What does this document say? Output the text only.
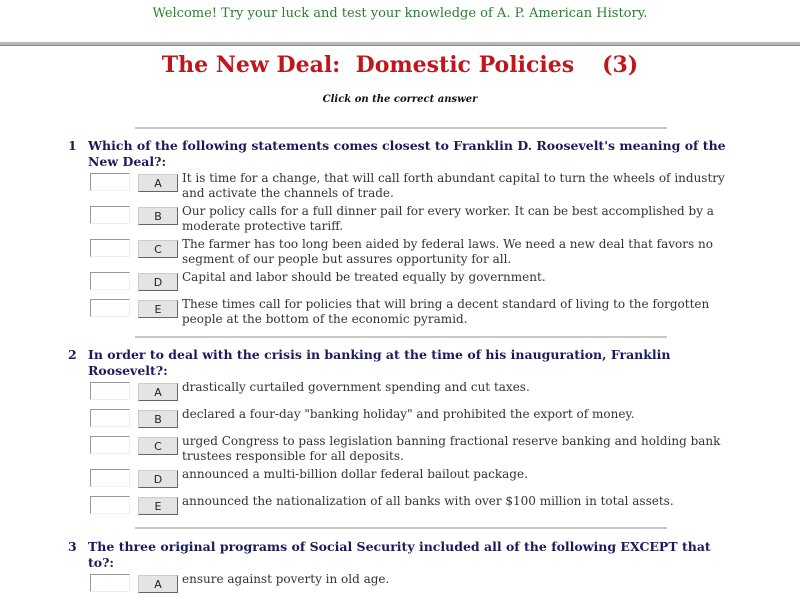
Welcome! Try your luck and test your knowledge of A. P. American History.
The New Deal:  Domestic Policies (3)
Click on the correct answer
1 Which of the following statements comes closest to Franklin D. Roosevelt's meaning of the New Deal?:
A	It is time for a change, that will call forth abundant capital to turn the wheels of industry and activate the channels of trade.
B	Our policy calls for a full dinner pail for every worker. It can be best accomplished by a moderate protective tariff.
C	The farmer has too long been aided by federal laws. We need a new deal that favors no segment of our people but assures opportunity for all.
D	Capital and labor should be treated equally by government.
E	These times call for policies that will bring a decent standard of living to the forgotten people at the bottom of the economic pyramid.
2 In order to deal with the crisis in banking at the time of his inauguration, Franklin Roosevelt?:
A	drastically curtailed government spending and cut taxes.
B	declared a four-day "banking holiday" and prohibited the export of money.
C	urged Congress to pass legislation banning fractional reserve banking and holding bank trustees responsible for all deposits.
D	announced a multi-billion dollar federal bailout package.
E	announced the nationalization of all banks with over $100 million in total assets.
3 The three original programs of Social Security included all of the following EXCEPT that to?:
A	ensure against poverty in old age.
